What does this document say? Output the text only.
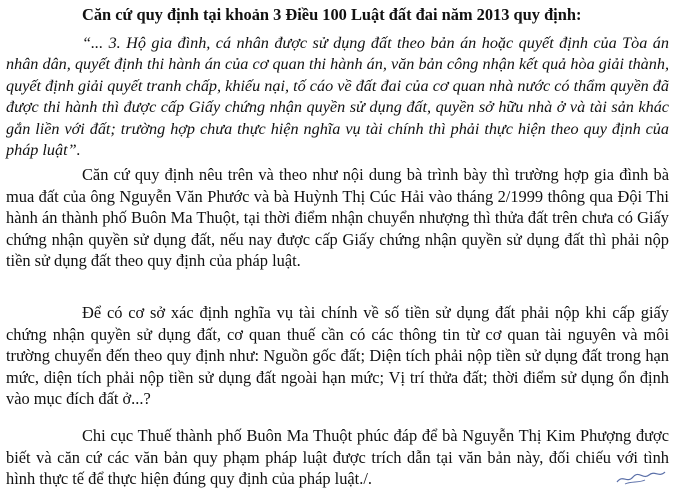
Căn cứ quy định tại khoản 3 Điều 100 Luật đất đai năm 2013 quy định:

“... 3. Hộ gia đình, cá nhân được sử dụng đất theo bản án hoặc quyết định của Tòa án nhân dân, quyết định thi hành án của cơ quan thi hành án, văn bản công nhận kết quả hòa giải thành, quyết định giải quyết tranh chấp, khiếu nại, tố cáo về đất đai của cơ quan nhà nước có thẩm quyền đã được thi hành thì được cấp Giấy chứng nhận quyền sử dụng đất, quyền sở hữu nhà ở và tài sản khác gắn liền với đất; trường hợp chưa thực hiện nghĩa vụ tài chính thì phải thực hiện theo quy định của pháp luật”.

Căn cứ quy định nêu trên và theo như nội dung bà trình bày thì trường hợp gia đình bà mua đất của ông Nguyễn Văn Phước và bà Huỳnh Thị Cúc Hải vào tháng 2/1999 thông qua Đội Thi hành án thành phố Buôn Ma Thuột, tại thời điểm nhận chuyển nhượng thì thửa đất trên chưa có Giấy chứng nhận quyền sử dụng đất, nếu nay được cấp Giấy chứng nhận quyền sử dụng đất thì phải nộp tiền sử dụng đất theo quy định của pháp luật.

Để có cơ sở xác định nghĩa vụ tài chính về số tiền sử dụng đất phải nộp khi cấp giấy chứng nhận quyền sử dụng đất, cơ quan thuế cần có các thông tin từ cơ quan tài nguyên và môi trường chuyển đến theo quy định như: Nguồn gốc đất; Diện tích phải nộp tiền sử dụng đất trong hạn mức, diện tích phải nộp tiền sử dụng đất ngoài hạn mức; Vị trí thửa đất; thời điểm sử dụng ổn định vào mục đích đất ở...?

Chi cục Thuế thành phố Buôn Ma Thuột phúc đáp để bà Nguyễn Thị Kim Phượng được biết và căn cứ các văn bản quy phạm pháp luật được trích dẫn tại văn bản này, đối chiếu với tình hình thực tế để thực hiện đúng quy định của pháp luật./.
